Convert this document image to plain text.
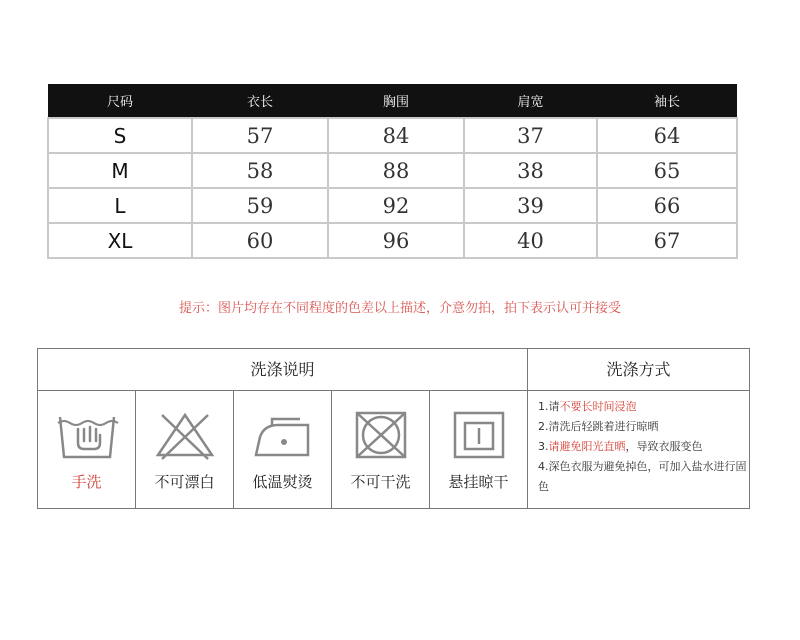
尺码	衣长	胸围	肩宽	袖长
S	57	84	37	64
M	58	88	38	65
L	59	92	39	66
XL	60	96	40	67
提示：图片均存在不同程度的色差以上描述，介意勿拍，拍下表示认可并接受
洗涤说明	洗涤方式
手洗	不可漂白	低温熨烫	不可干洗	悬挂晾干
1.请不要长时间浸泡
2.清洗后轻跳着进行晾晒
3.请避免阳光直晒，导致衣服变色
4.深色衣服为避免掉色，可加入盐水进行固色
